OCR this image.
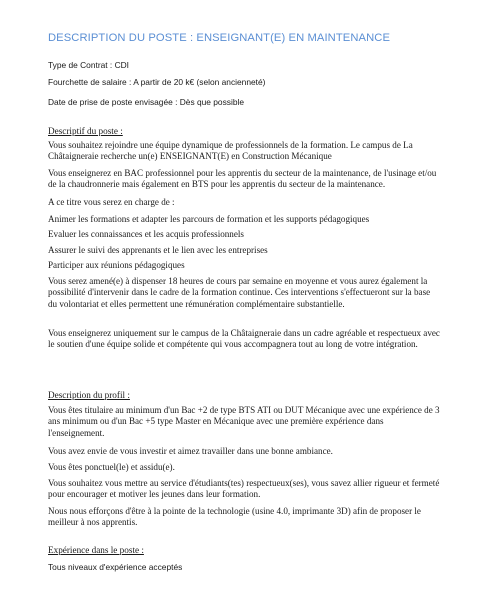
DESCRIPTION DU POSTE : ENSEIGNANT(E) EN MAINTENANCE
Type de Contrat : CDI
Fourchette de salaire : A partir de 20 k€ (selon ancienneté)
Date de prise de poste envisagée : Dès que possible
Descriptif du poste :

Vous souhaitez rejoindre une équipe dynamique de professionnels de la formation. Le campus de La Châtaigneraie recherche un(e) ENSEIGNANT(E) en Construction Mécanique

Vous enseignerez en BAC professionnel pour les apprentis du secteur de la maintenance, de l'usinage et/ou de la chaudronnerie mais également en BTS pour les apprentis du secteur de la maintenance.

A ce titre vous serez en charge de :

Animer les formations et adapter les parcours de formation et les supports pédagogiques

Evaluer les connaissances et les acquis professionnels

Assurer le suivi des apprenants et le lien avec les entreprises

Participer aux réunions pédagogiques

Vous serez amené(e) à dispenser 18 heures de cours par semaine en moyenne et vous aurez également la possibilité d'intervenir dans le cadre de la formation continue. Ces interventions s'effectueront sur la base du volontariat et elles permettent une rémunération complémentaire substantielle.

Vous enseignerez uniquement sur le campus de la Châtaigneraie dans un cadre agréable et respectueux avec le soutien d'une équipe solide et compétente qui vous accompagnera tout au long de votre intégration.

Description du profil :

Vous êtes titulaire au minimum d'un Bac +2 de type BTS ATI ou DUT Mécanique avec une expérience de 3 ans minimum ou d'un Bac +5 type Master en Mécanique avec une première expérience dans l'enseignement.

Vous avez envie de vous investir et aimez travailler dans une bonne ambiance.

Vous êtes ponctuel(le) et assidu(e).

Vous souhaitez vous mettre au service d'étudiants(tes) respectueux(ses), vous savez allier rigueur et fermeté pour encourager et motiver les jeunes dans leur formation.

Nous nous efforçons d'être à la pointe de la technologie (usine 4.0, imprimante 3D) afin de proposer le meilleur à nos apprentis.

Expérience dans le poste :

Tous niveaux d'expérience acceptés
